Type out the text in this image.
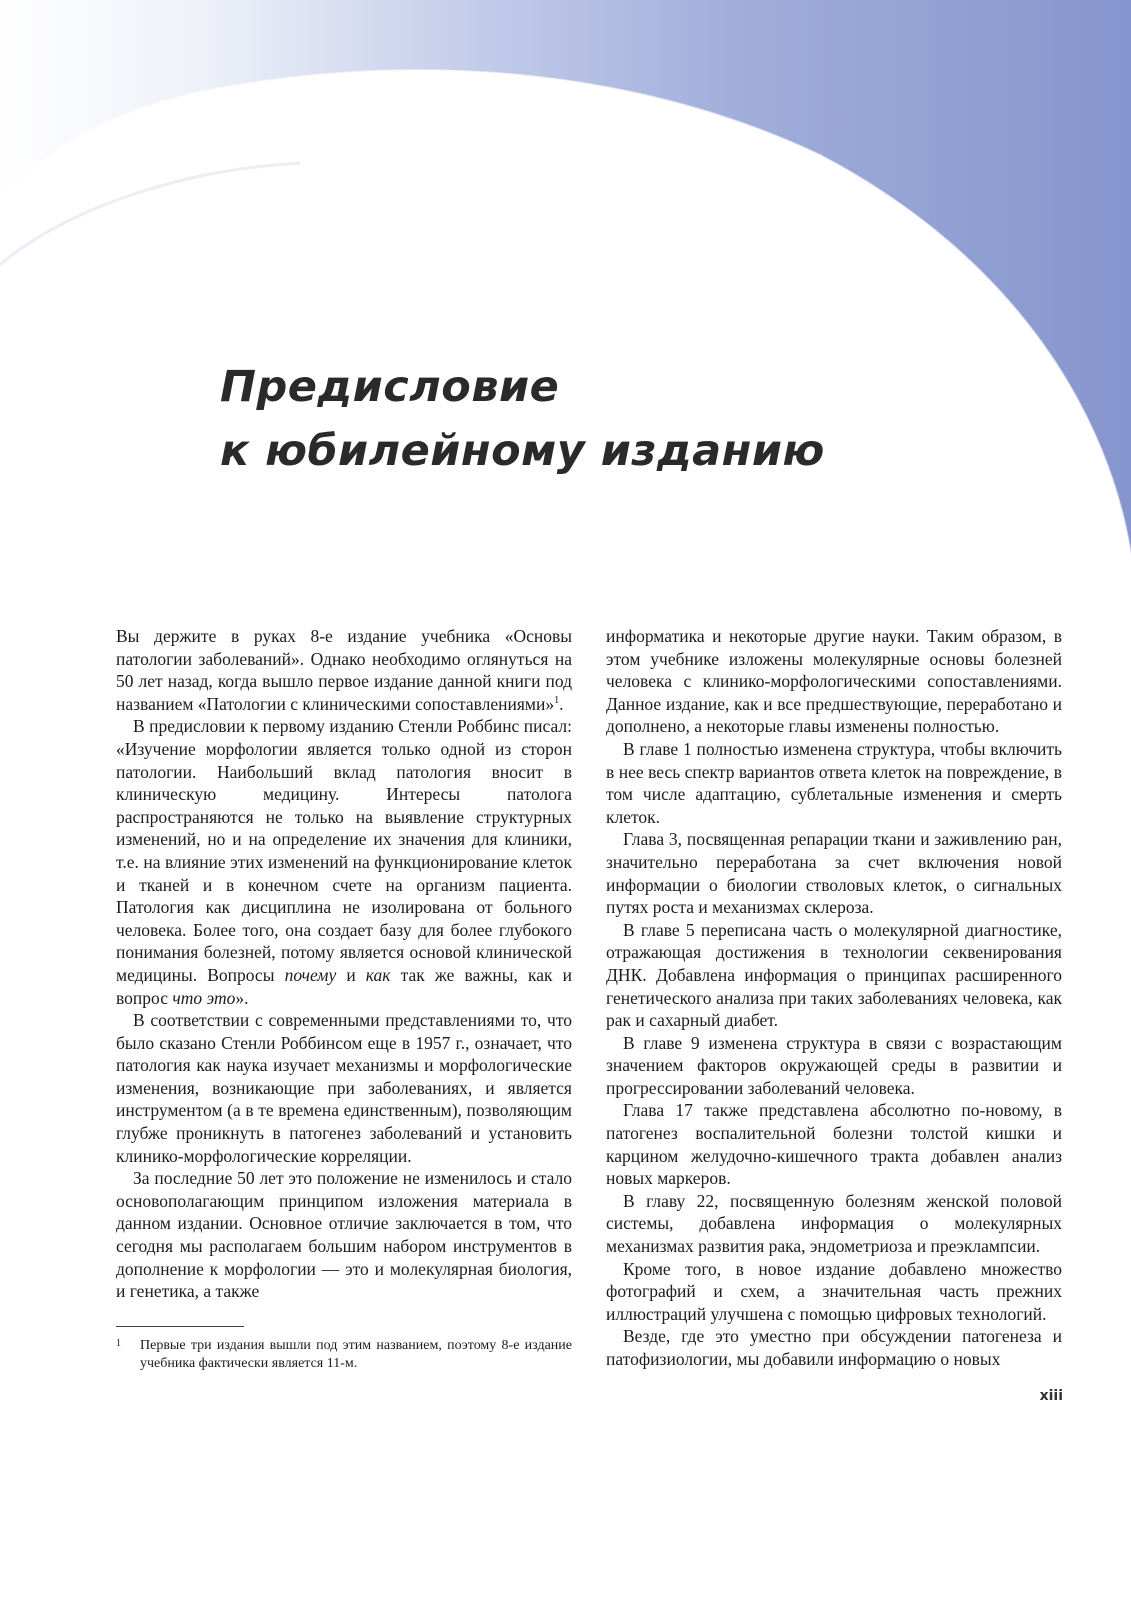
Предисловие
к юбилейному изданию

Вы держите в руках 8-е издание учебника «Основы патологии заболеваний». Однако необходимо оглянуться на 50 лет назад, когда вышло первое издание данной книги под названием «Патологии с клиническими сопоставлениями»$^1$.

В предисловии к первому изданию Стенли Роббинс писал: «Изучение морфологии является только одной из сторон патологии. Наибольший вклад патология вносит в клиническую медицину. Интересы патолога распространяются не только на выявление структурных изменений, но и на определение их значения для клиники, т.е. на влияние этих изменений на функционирование клеток и тканей и в конечном счете на организм пациента. Патология как дисциплина не изолирована от больного человека. Более того, она создает базу для более глубокого понимания болезней, потому является основой клинической медицины. Вопросы почему и как так же важны, как и вопрос что это».

В соответствии с современными представлениями то, что было сказано Стенли Роббинсом еще в 1957 г., означает, что патология как наука изучает механизмы и морфологические изменения, возникающие при заболеваниях, и является инструментом (а в те времена единственным), позволяющим глубже проникнуть в патогенез заболеваний и установить клинико-морфологические корреляции.

За последние 50 лет это положение не изменилось и стало основополагающим принципом изложения материала в данном издании. Основное отличие заключается в том, что сегодня мы располагаем большим набором инструментов в дополнение к морфологии — это и молекулярная биология, и генетика, а также

информатика и некоторые другие науки. Таким образом, в этом учебнике изложены молекулярные основы болезней человека с клинико-морфологическими сопоставлениями. Данное издание, как и все предшествующие, переработано и дополнено, а некоторые главы изменены полностью.

В главе 1 полностью изменена структура, чтобы включить в нее весь спектр вариантов ответа клеток на повреждение, в том числе адаптацию, сублетальные изменения и смерть клеток.

Глава 3, посвященная репарации ткани и заживлению ран, значительно переработана за счет включения новой информации о биологии стволовых клеток, о сигнальных путях роста и механизмах склероза.

В главе 5 переписана часть о молекулярной диагностике, отражающая достижения в технологии секвенирования ДНК. Добавлена информация о принципах расширенного генетического анализа при таких заболеваниях человека, как рак и сахарный диабет.

В главе 9 изменена структура в связи с возрастающим значением факторов окружающей среды в развитии и прогрессировании заболеваний человека.

Глава 17 также представлена абсолютно по-новому, в патогенез воспалительной болезни толстой кишки и карцином желудочно-кишечного тракта добавлен анализ новых маркеров.

В главу 22, посвященную болезням женской половой системы, добавлена информация о молекулярных механизмах развития рака, эндометриоза и преэклампсии.

Кроме того, в новое издание добавлено множество фотографий и схем, а значительная часть прежних иллюстраций улучшена с помощью цифровых технологий.

Везде, где это уместно при обсуждении патогенеза и патофизиологии, мы добавили информацию о новых

1 Первые три издания вышли под этим названием, поэтому 8-е издание учебника фактически является 11-м.
xiii
